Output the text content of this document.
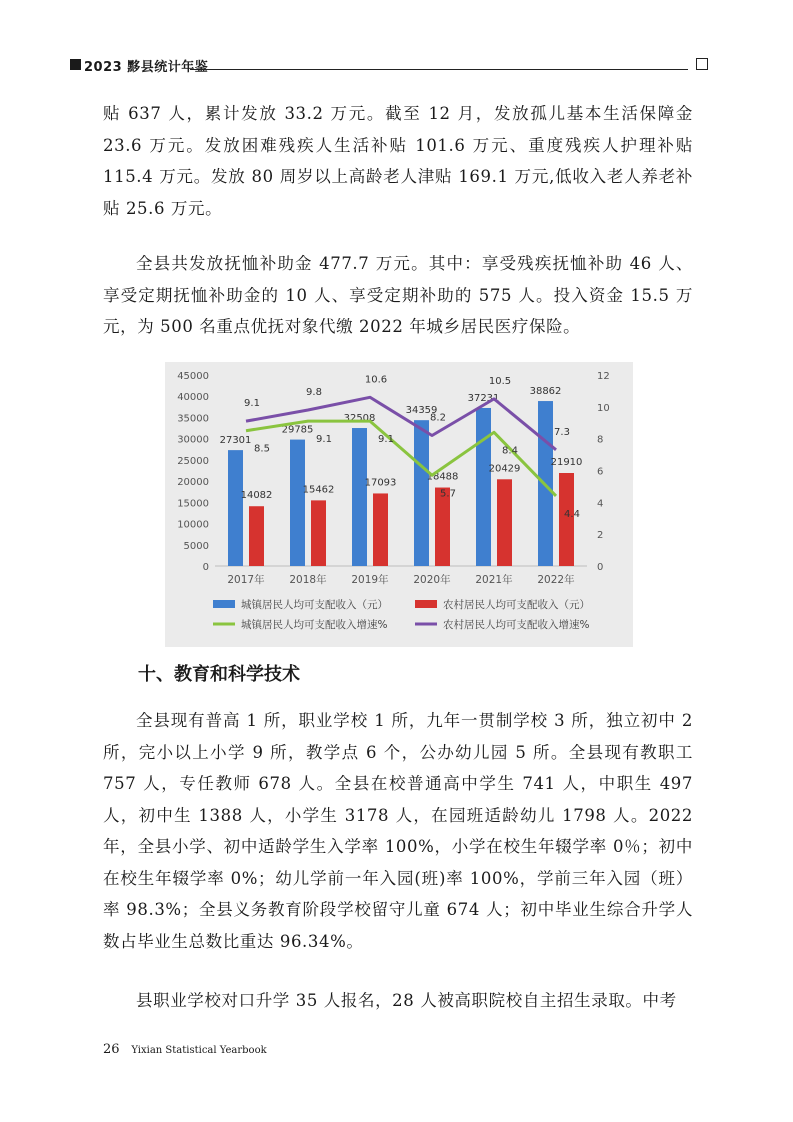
2023 黟县统计年鉴

贴 637 人，累计发放 33.2 万元。截至 12 月，发放孤儿基本生活保障金 23.6 万元。发放困难残疾人生活补贴 101.6 万元、重度残疾人护理补贴 115.4 万元。发放 80 周岁以上高龄老人津贴 169.1 万元,低收入老人养老补贴 25.6 万元。

全县共发放抚恤补助金 477.7 万元。其中：享受残疾抚恤补助 46 人、享受定期抚恤补助金的 10 人、享受定期补助的 575 人。投入资金 15.5 万元，为 500 名重点优抚对象代缴 2022 年城乡居民医疗保险。

0
5000
10000
15000
20000
25000
30000
35000
40000
45000
0
2
4
6
8
10
12
2017年 2018年 2019年 2020年 2021年 2022年
27301
29785
32508
34359
37231
38862
14082
15462
17093
18488
20429
21910
8.5
9.1	9.1
5.7
8.4
4.4
9.1
9.8
10.6
8.2
10.5
7.3
城镇居民人均可支配收入（元）	农村居民人均可支配收入（元）
城镇居民人均可支配收入增速%	农村居民人均可支配收入增速%
十、教育和科学技术

全县现有普高 1 所，职业学校 1 所，九年一贯制学校 3 所，独立初中 2 所，完小以上小学 9 所，教学点 6 个，公办幼儿园 5 所。全县现有教职工 757 人，专任教师 678 人。全县在校普通高中学生 741 人，中职生 497 人，初中生 1388 人，小学生 3178 人，在园班适龄幼儿 1798 人。2022 年，全县小学、初中适龄学生入学率 100%，小学在校生年辍学率 0％；初中在校生年辍学率 0%；幼儿学前一年入园(班)率 100%，学前三年入园（班）率 98.3%；全县义务教育阶段学校留守儿童 674 人；初中毕业生综合升学人数占毕业生总数比重达 96.34%。

县职业学校对口升学 35 人报名，28 人被高职院校自主招生录取。中考

26 Yixian Statistical Yearbook
